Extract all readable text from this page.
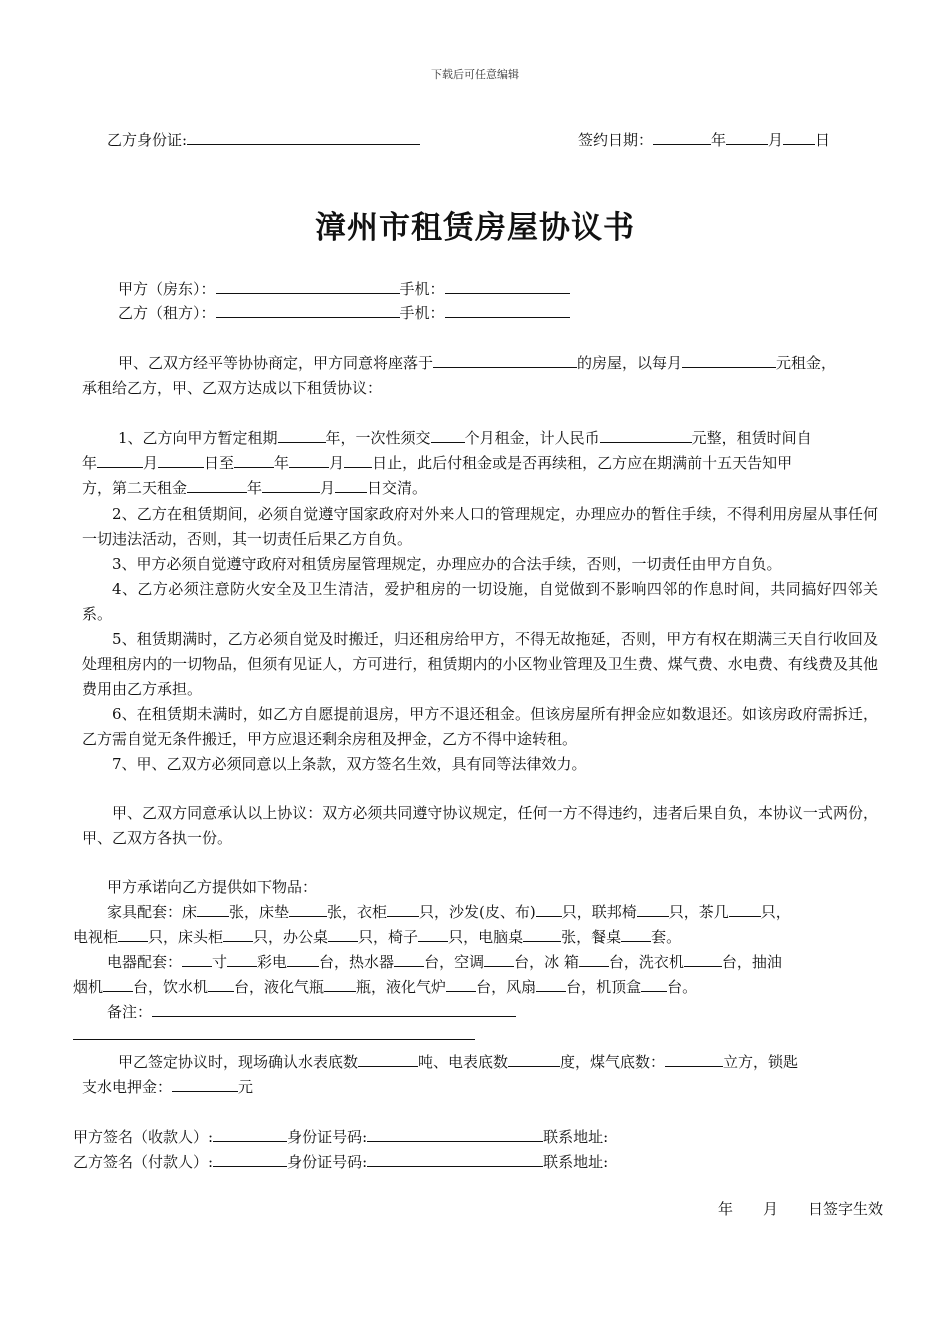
下载后可任意编辑
乙方身份证:	签约日期：	年	月 日
漳州市租赁房屋协议书
甲方（房东）：	手机：
乙方（租方）：	手机：
甲、乙双方经平等协协商定，甲方同意将座落于	的房屋，以每月	元租金，
承租给乙方，甲、乙双方达成以下租赁协议：
1、乙方向甲方暂定租期	年，一次性须交 个月租金，计人民币	元整，租赁时间自
年	月	日至	年	月 日止，此后付租金或是否再续租，乙方应在期满前十五天告知甲
方，第二天租金	年	月 日交清。

2、乙方在租赁期间，必须自觉遵守国家政府对外来人口的管理规定，办理应办的暂住手续，不得利用房屋从事任何一切违法活动，否则，其一切责任后果乙方自负。

3、甲方必须自觉遵守政府对租赁房屋管理规定，办理应办的合法手续，否则，一切责任由甲方自负。

4、乙方必须注意防火安全及卫生清洁，爱护租房的一切设施，自觉做到不影响四邻的作息时间，共同搞好四邻关系。

5、租赁期满时，乙方必须自觉及时搬迁，归还租房给甲方，不得无故拖延，否则，甲方有权在期满三天自行收回及处理租房内的一切物品，但须有见证人，方可进行，租赁期内的小区物业管理及卫生费、煤气费、水电费、有线费及其他费用由乙方承担。

6、在租赁期未满时，如乙方自愿提前退房，甲方不退还租金。但该房屋所有押金应如数退还。如该房政府需拆迁，乙方需自觉无条件搬迁，甲方应退还剩余房租及押金，乙方不得中途转租。

7、甲、乙双方必须同意以上条款，双方签名生效，具有同等法律效力。

甲、乙双方同意承认以上协议：双方必须共同遵守协议规定，任何一方不得违约，违者后果自负，本协议一式两份，甲、乙双方各执一份。

甲方承诺向乙方提供如下物品：
家具配套：床 张，床垫	张，衣柜 只，沙发(皮、布) 只，联邦椅 只，茶几 只，
电视柜 只，床头柜 只，办公桌 只，椅子 只，电脑桌	张，餐桌 套。
电器配套： 寸 彩电 台，热水器 台，空调 台，冰 箱 台，洗衣机	台，抽油
烟机 台，饮水机 台，液化气瓶 瓶，液化气炉 台，风扇 台，机顶盒 台。
备注：
甲乙签定协议时，现场确认水表底数	吨、电表底数	度，煤气底数：	立方，锁匙
支水电押金：	元
甲方签名（收款人）:	身份证号码:	联系地址:
乙方签名（付款人）:	身份证号码:	联系地址:
年　　月　　日签字生效
